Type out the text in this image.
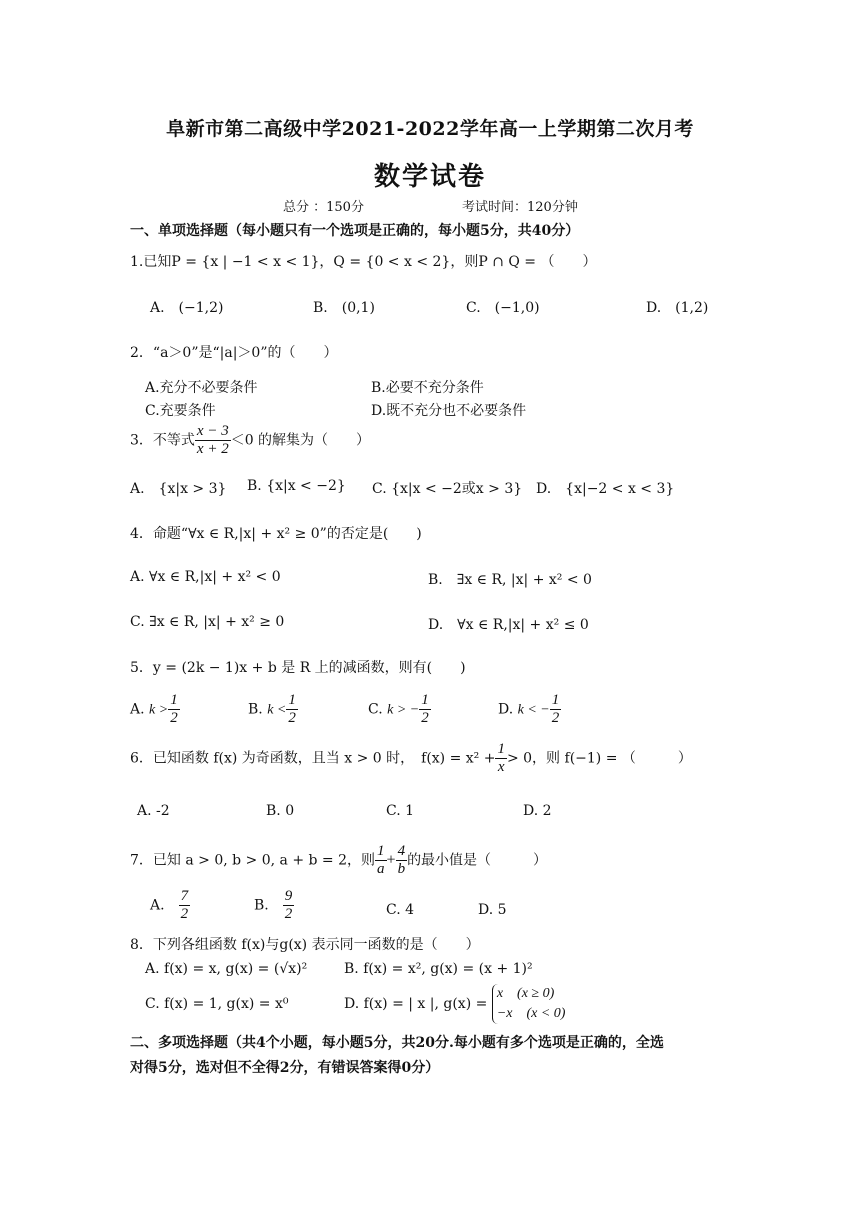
阜新市第二高级中学2021-2022学年高一上学期第二次月考
数学试卷
总分 ：150分	考试时间：120分钟
一、单项选择题（每小题只有一个选项是正确的，每小题5分，共40分）
1.已知P = {x | −1 < x < 1}，Q = {0 < x < 2}，则P ∩ Q = （　　）
A.　(−1,2)	B.　(0,1)	C.　(−1,0)	D.　(1,2)
2．“a＞0”是“|a|＞0”的（　　）
A.充分不必要条件	B.必要不充分条件
C.充要条件	D.既不充分也不必要条件
3．不等式 $\frac{x - 3}{x + 2} <0$ 的解集为（　　）
A.　{x|x > 3} B. {x|x < −2} C. {x|x < −2或x > 3} D.　{x|−2 < x < 3}
4．命题“∀x ∈ R,|x| + x² ≥ 0”的否定是(　　)
A. ∀x ∈ R,|x| + x² < 0	B.　∃x ∈ R, |x| + x² < 0
C. ∃x ∈ R, |x| + x² ≥ 0	D.　∀x ∈ R,|x| + x² ≤ 0
5．y = (2k − 1)x + b 是 R 上的减函数，则有(　　)
A. $k > \frac{1}{2}$	B. $k < \frac{1}{2}$	C. k > − $\frac{1}{2}$	D. k < − $\frac{1}{2}$
6．已知函数 f(x) 为奇函数，且当 x > 0 时，　$f(x) = x^2 + \frac{1}{x} > 0$，则 f(−1) = （　　　）
A. -2	B. 0	C. 1	D. 2
7．已知 a > 0, b > 0, a + b = 2，则 $\frac{1}{a} + \frac{4}{b}$ 的最小值是（　　　）
A.　 $\frac{7}{2}$	B.　 $\frac{9}{2}$	C. 4	D. 5
8．下列各组函数 f(x)与g(x) 表示同一函数的是（　　）
A. f(x) = x, g(x) = (√x)²	B. f(x) = x², g(x) = (x + 1)²
C. f(x) = 1, g(x) = x⁰	D. f(x) = | x |, g(x) =
x　(x ≥ 0)
−x　(x < 0)
二、多项选择题（共4个小题，每小题5分，共20分.每小题有多个选项是正确的，全选
对得5分，选对但不全得2分，有错误答案得0分）
